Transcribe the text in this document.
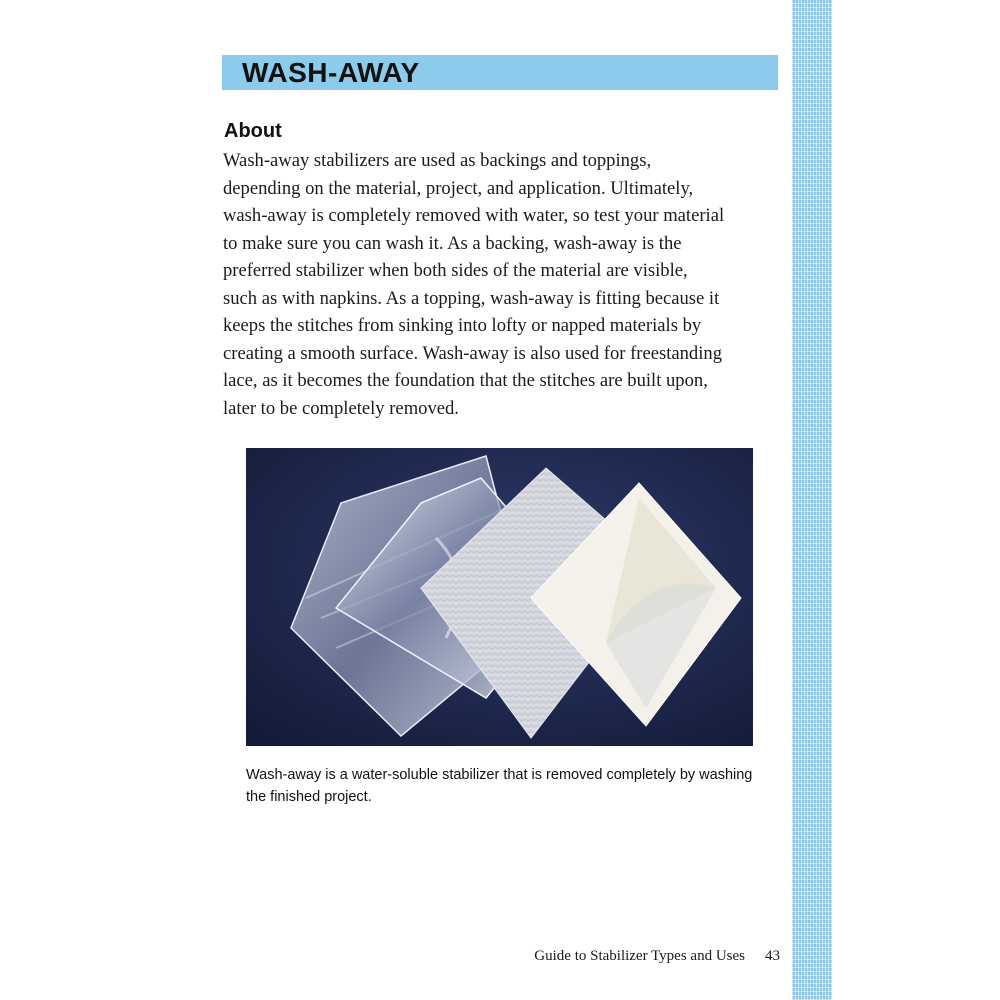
WASH-AWAY
About
Wash-away stabilizers are used as backings and toppings,
depending on the material, project, and application. Ultimately,
wash-away is completely removed with water, so test your material
to make sure you can wash it. As a backing, wash-away is the
preferred stabilizer when both sides of the material are visible,
such as with napkins. As a topping, wash-away is fitting because it
keeps the stitches from sinking into lofty or napped materials by
creating a smooth surface. Wash-away is also used for freestanding
lace, as it becomes the foundation that the stitches are built upon,
later to be completely removed.
Wash-away is a water-soluble stabilizer that is removed completely by washing
the finished project.
Guide to Stabilizer Types and Uses 43
